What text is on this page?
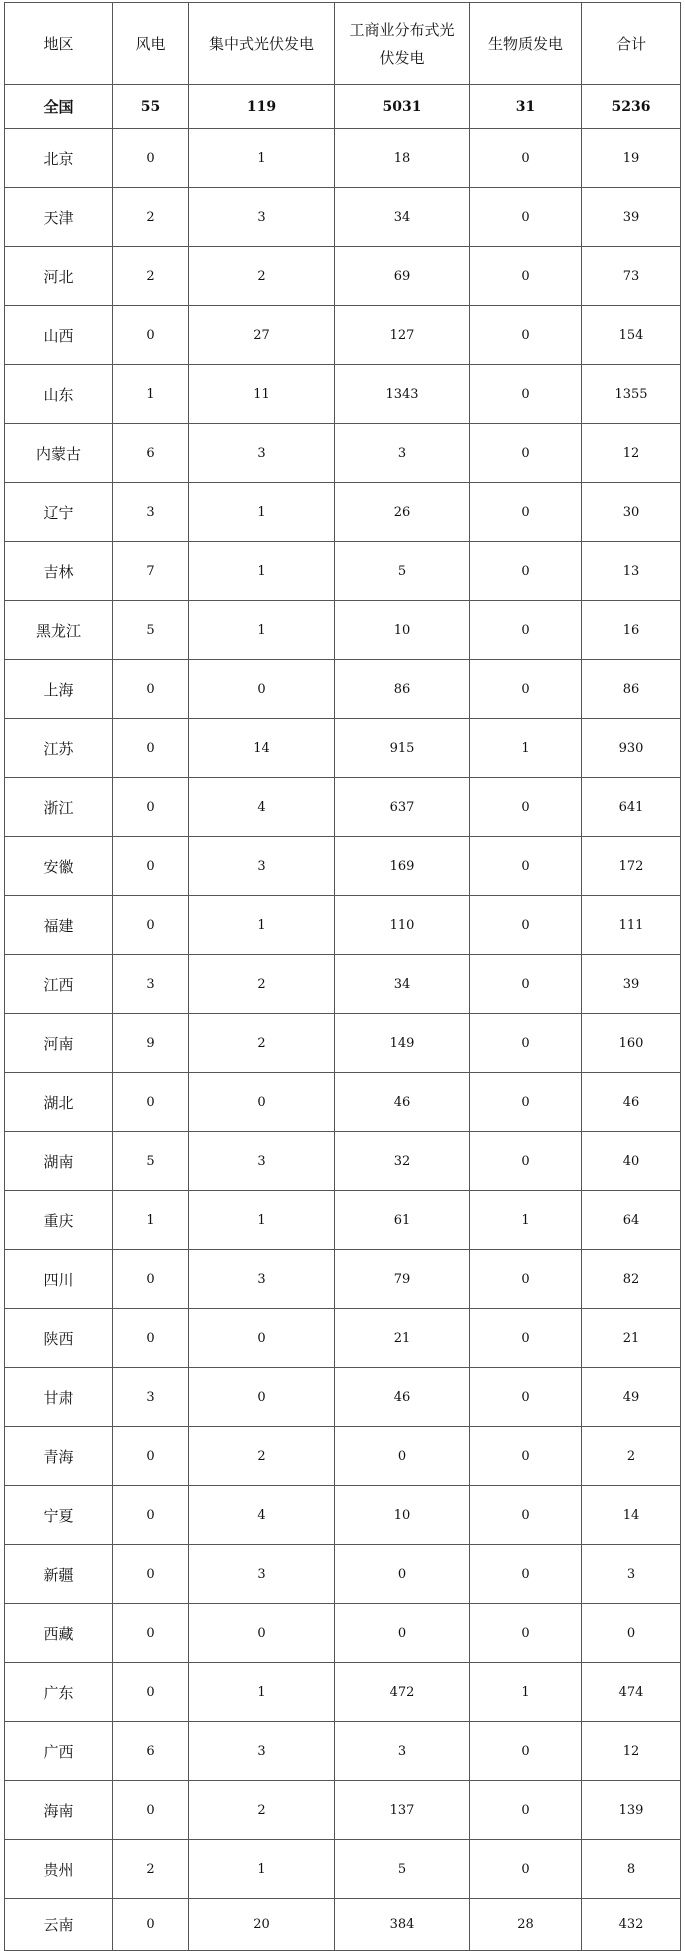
地区	风电	集中式光伏发电	工商业分布式光伏发电	生物质发电	合计
全国	55	119	5031	31	5236
北京	0	1	18	0	19
天津	2	3	34	0	39
河北	2	2	69	0	73
山西	0	27	127	0	154
山东	1	11	1343	0	1355
内蒙古	6	3	3	0	12
辽宁	3	1	26	0	30
吉林	7	1	5	0	13
黑龙江	5	1	10	0	16
上海	0	0	86	0	86
江苏	0	14	915	1	930
浙江	0	4	637	0	641
安徽	0	3	169	0	172
福建	0	1	110	0	111
江西	3	2	34	0	39
河南	9	2	149	0	160
湖北	0	0	46	0	46
湖南	5	3	32	0	40
重庆	1	1	61	1	64
四川	0	3	79	0	82
陕西	0	0	21	0	21
甘肃	3	0	46	0	49
青海	0	2	0	0	2
宁夏	0	4	10	0	14
新疆	0	3	0	0	3
西藏	0	0	0	0	0
广东	0	1	472	1	474
广西	6	3	3	0	12
海南	0	2	137	0	139
贵州	2	1	5	0	8
云南	0	20	384	28	432
